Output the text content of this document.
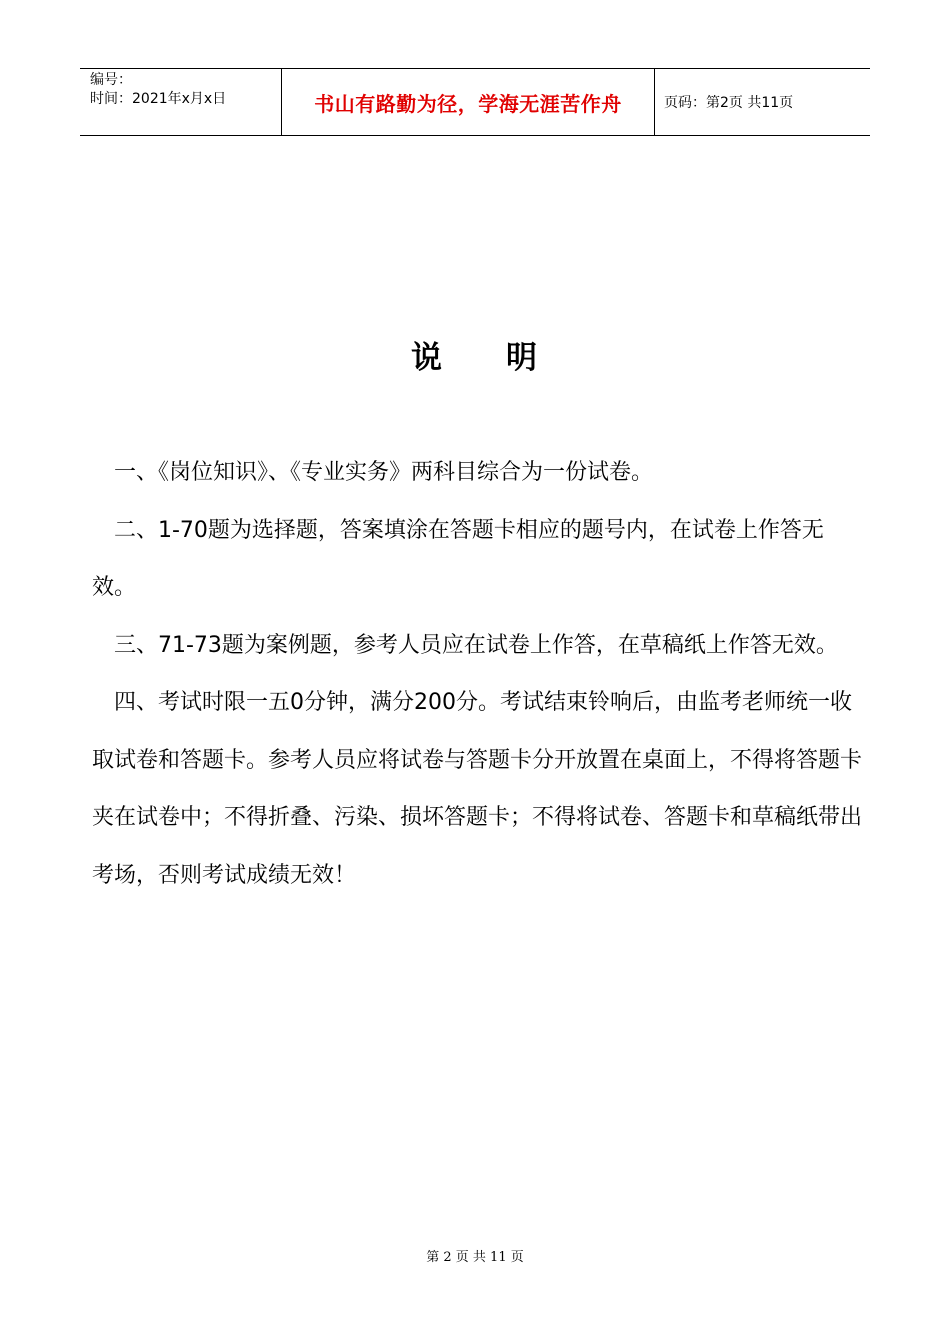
编号：
时间：2021年x月x日	书山有路勤为径，学海无涯苦作舟	页码：第2页 共11页
说 明

一、《岗位知识》、《专业实务》两科目综合为一份试卷。

二、1-70题为选择题，答案填涂在答题卡相应的题号内，在试卷上作答无效。

三、71-73题为案例题，参考人员应在试卷上作答，在草稿纸上作答无效。

四、考试时限一五0分钟，满分200分。考试结束铃响后，由监考老师统一收取试卷和答题卡。参考人员应将试卷与答题卡分开放置在桌面上，不得将答题卡夹在试卷中；不得折叠、污染、损坏答题卡；不得将试卷、答题卡和草稿纸带出考场，否则考试成绩无效！

第 2 页 共 11 页
